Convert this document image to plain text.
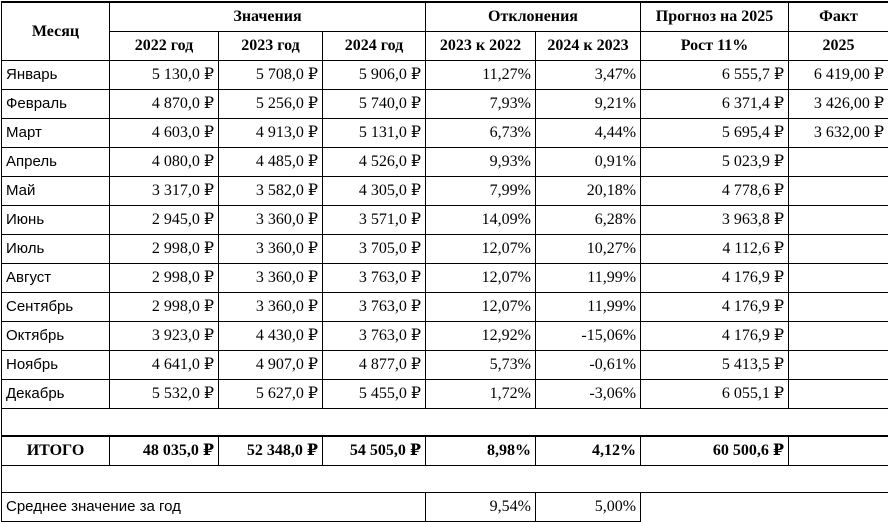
Месяц	Значения			Отклонения		Прогноз на 2025	Факт
	2022 год	2023 год	2024 год	2023 к 2022	2024 к 2023	Рост 11%	2025
Январь	5 130,0 ₽	5 708,0 ₽	5 906,0 ₽	11,27%	3,47%	6 555,7 ₽	6 419,00 ₽
Февраль	4 870,0 ₽	5 256,0 ₽	5 740,0 ₽	7,93%	9,21%	6 371,4 ₽	3 426,00 ₽
Март	4 603,0 ₽	4 913,0 ₽	5 131,0 ₽	6,73%	4,44%	5 695,4 ₽	3 632,00 ₽
Апрель	4 080,0 ₽	4 485,0 ₽	4 526,0 ₽	9,93%	0,91%	5 023,9 ₽	
Май	3 317,0 ₽	3 582,0 ₽	4 305,0 ₽	7,99%	20,18%	4 778,6 ₽	
Июнь	2 945,0 ₽	3 360,0 ₽	3 571,0 ₽	14,09%	6,28%	3 963,8 ₽	
Июль	2 998,0 ₽	3 360,0 ₽	3 705,0 ₽	12,07%	10,27%	4 112,6 ₽	
Август	2 998,0 ₽	3 360,0 ₽	3 763,0 ₽	12,07%	11,99%	4 176,9 ₽	
Сентябрь	2 998,0 ₽	3 360,0 ₽	3 763,0 ₽	12,07%	11,99%	4 176,9 ₽	
Октябрь	3 923,0 ₽	4 430,0 ₽	3 763,0 ₽	12,92%	-15,06%	4 176,9 ₽	
Ноябрь	4 641,0 ₽	4 907,0 ₽	4 877,0 ₽	5,73%	-0,61%	5 413,5 ₽	
Декабрь	5 532,0 ₽	5 627,0 ₽	5 455,0 ₽	1,72%	-3,06%	6 055,1 ₽	

ИТОГО	48 035,0 ₽	52 348,0 ₽	54 505,0 ₽	8,98%	4,12%	60 500,6 ₽	

Среднее значение за год				9,54%	5,00%		
